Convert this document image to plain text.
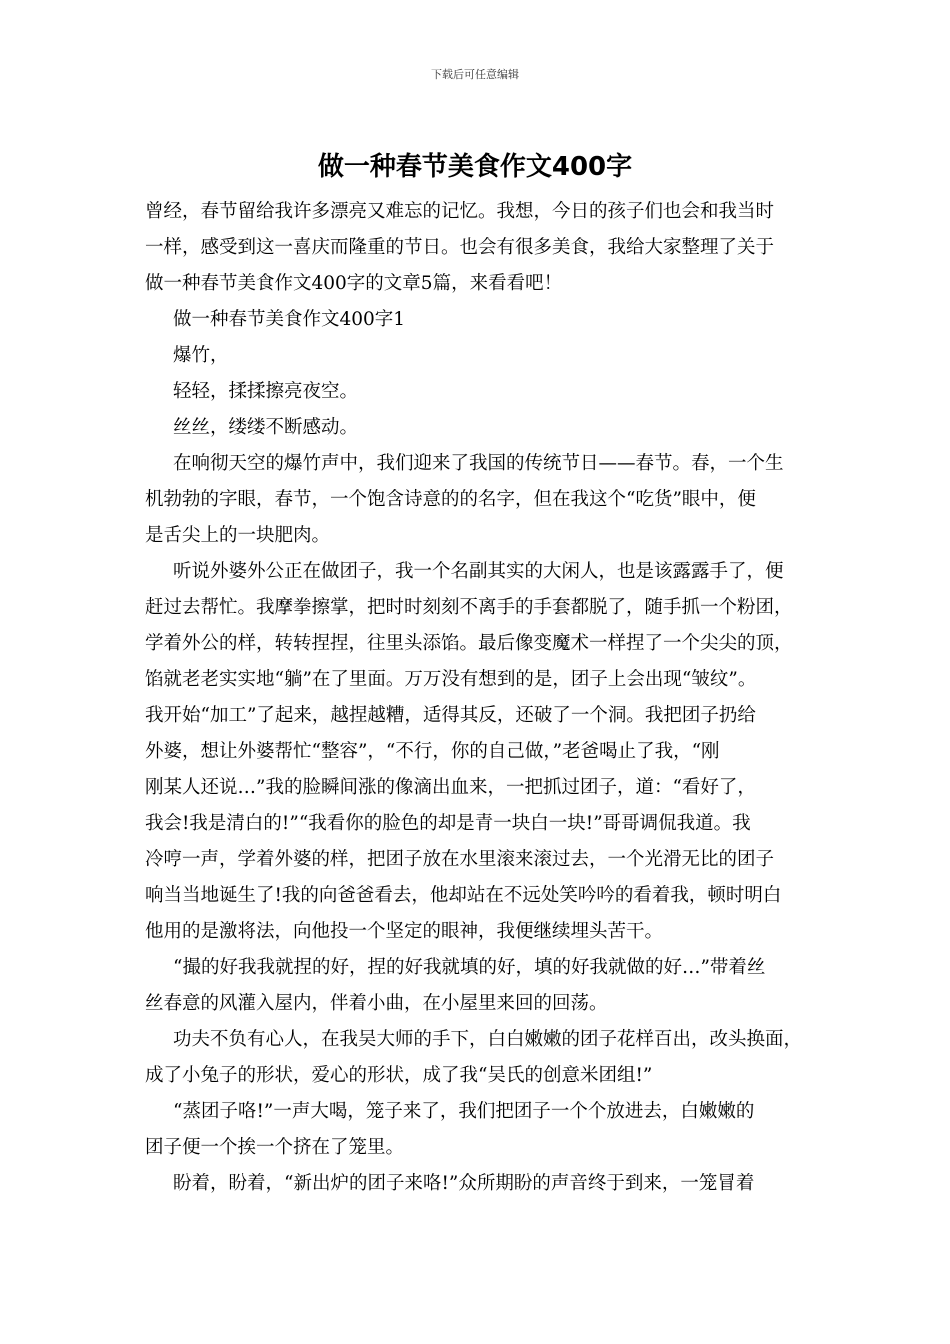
下载后可任意编辑
做一种春节美食作文400字
曾经，春节留给我许多漂亮又难忘的记忆。我想，今日的孩子们也会和我当时
一样，感受到这一喜庆而隆重的节日。也会有很多美食，我给大家整理了关于
做一种春节美食作文400字的文章5篇，来看看吧！
做一种春节美食作文400字1
爆竹，
轻轻，揉揉擦亮夜空。
丝丝，缕缕不断感动。
在响彻天空的爆竹声中，我们迎来了我国的传统节日——春节。春，一个生
机勃勃的字眼，春节，一个饱含诗意的的名字，但在我这个“吃货”眼中，便
是舌尖上的一块肥肉。
听说外婆外公正在做团子，我一个名副其实的大闲人，也是该露露手了，便
赶过去帮忙。我摩拳擦掌，把时时刻刻不离手的手套都脱了，随手抓一个粉团，
学着外公的样，转转捏捏，往里头添馅。最后像变魔术一样捏了一个尖尖的顶，
馅就老老实实地“躺”在了里面。万万没有想到的是，团子上会出现“皱纹”。
我开始“加工”了起来，越捏越糟，适得其反，还破了一个洞。我把团子扔给
外婆，想让外婆帮忙“整容”，“不行，你的自己做，”老爸喝止了我，“刚
刚某人还说…”我的脸瞬间涨的像滴出血来，一把抓过团子，道：“看好了，
我会!我是清白的!”“我看你的脸色的却是青一块白一块!”哥哥调侃我道。我
冷哼一声，学着外婆的样，把团子放在水里滚来滚过去，一个光滑无比的团子
响当当地诞生了!我的向爸爸看去，他却站在不远处笑吟吟的看着我，顿时明白
他用的是激将法，向他投一个坚定的眼神，我便继续埋头苦干。
“撮的好我我就捏的好，捏的好我就填的好，填的好我就做的好…”带着丝
丝春意的风灌入屋内，伴着小曲，在小屋里来回的回荡。
功夫不负有心人，在我吴大师的手下，白白嫩嫩的团子花样百出，改头换面，
成了小兔子的形状，爱心的形状，成了我“吴氏的创意米团组!”
“蒸团子咯!”一声大喝，笼子来了，我们把团子一个个放进去，白嫩嫩的
团子便一个挨一个挤在了笼里。
盼着，盼着，“新出炉的团子来咯!”众所期盼的声音终于到来，一笼冒着
